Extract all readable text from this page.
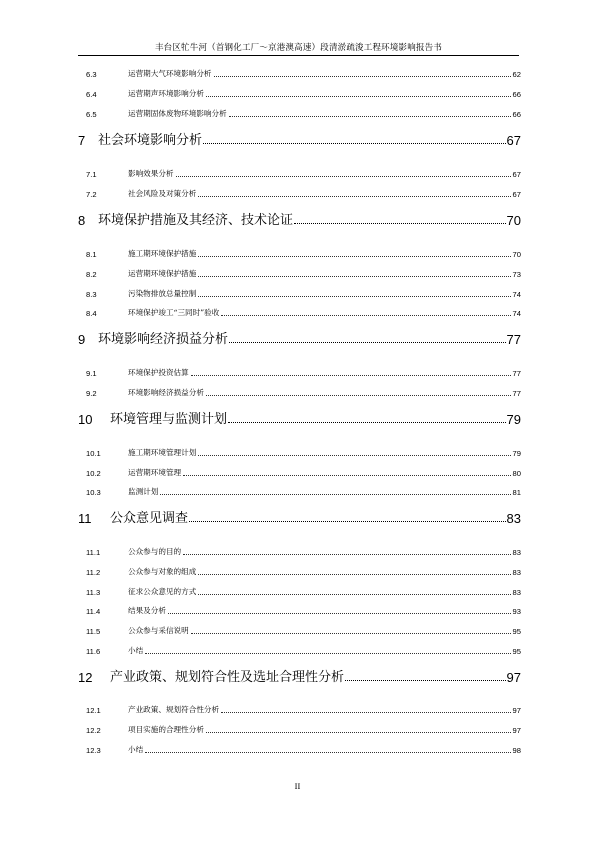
丰台区牤牛河（首钢化工厂～京港澳高速）段清淤疏浚工程环境影响报告书
6.3	运营期大气环境影响分析	62
6.4	运营期声环境影响分析	66
6.5	运营期固体废物环境影响分析	66
7 社会环境影响分析	67
7.1	影响效果分析	67
7.2	社会风险及对策分析	67
8 环境保护措施及其经济、技术论证	70
8.1	施工期环境保护措施	70
8.2	运营期环境保护措施	73
8.3	污染物排放总量控制	74
8.4	环境保护竣工“三同时”验收	74
9 环境影响经济损益分析	77
9.1	环境保护投资估算	77
9.2	环境影响经济损益分析	77
10	环境管理与监测计划	79
10.1	施工期环境管理计划	79
10.2	运营期环境管理	80
10.3	监测计划	81
11	公众意见调查	83
11.1	公众参与的目的	83
11.2	公众参与对象的组成	83
11.3	征求公众意见的方式	83
11.4	结果及分析	93
11.5	公众参与采信说明	95
11.6	小结	95
12	产业政策、规划符合性及选址合理性分析	97
12.1	产业政策、规划符合性分析	97
12.2	项目实施的合理性分析	97
12.3	小结	98
II
